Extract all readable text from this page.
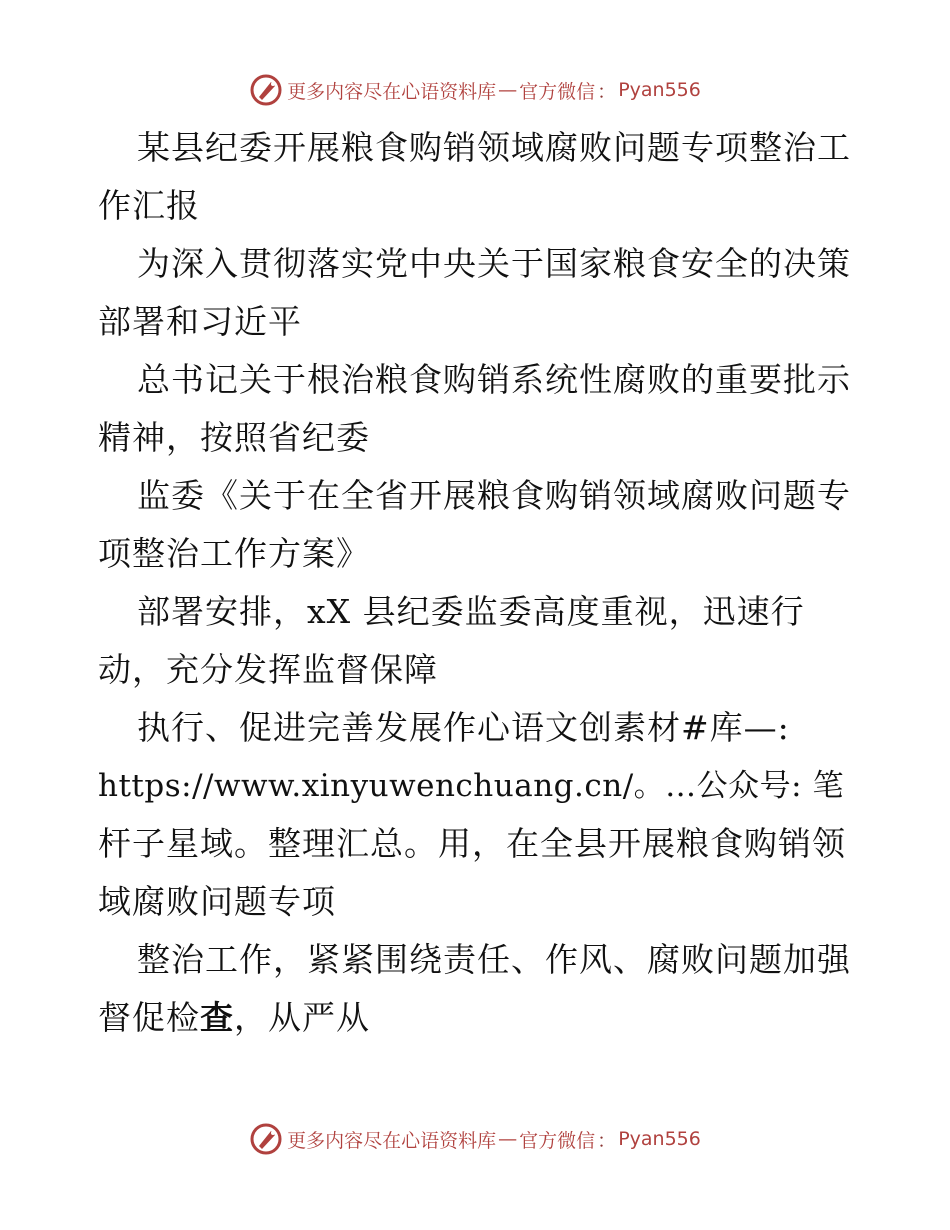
更多内容尽在心语资料库 — 官方微信 ： Pyan556
某县纪委开展粮食购销领域腐败问题专项整治工
作汇报
为深入贯彻落实党中央关于国家粮食安全的决策
部署和习近平
总书记关于根治粮食购销系统性腐败的重要批示
精神，按照省纪委
监委《关于在全省开展粮食购销领域腐败问题专
项整治工作方案》
部署安排，xX 县纪委监委高度重视，迅速行
动，充分发挥监督保障
执行、促进完善发展作心语文创素材#库—:
https://www.xinyuwenchuang.cn/。…公众号: 笔
杆子星域。整理汇总。用，在全县开展粮食购销领
域腐败问题专项
整治工作，紧紧围绕责任、作风、腐败问题加强
督促检查，从严从
更多内容尽在心语资料库 — 官方微信 ： Pyan556
